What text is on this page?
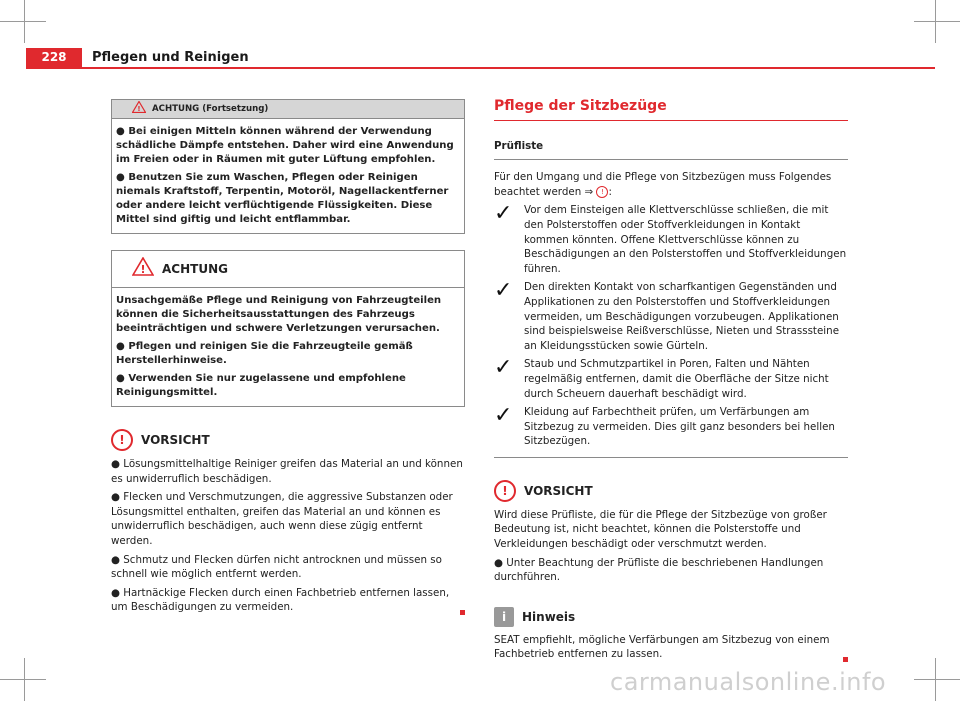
228	Pflegen und Reinigen
! ACHTUNG (Fortsetzung)

● Bei einigen Mitteln können während der Verwendung schädliche Dämpfe entstehen. Daher wird eine Anwendung im Freien oder in Räumen mit guter Lüftung empfohlen.

● Benutzen Sie zum Waschen, Pflegen oder Reinigen niemals Kraftstoff, Terpentin, Motoröl, Nagellackentferner oder andere leicht verflüchtigende Flüssigkeiten. Diese Mittel sind giftig und leicht entflammbar.

! ACHTUNG

Unsachgemäße Pflege und Reinigung von Fahrzeugteilen können die Sicherheitsausstattungen des Fahrzeugs beeinträchtigen und schwere Verletzungen verursachen.

● Pflegen und reinigen Sie die Fahrzeugteile gemäß Herstellerhinweise.

● Verwenden Sie nur zugelassene und empfohlene Reinigungsmittel.

!	VORSICHT

● Lösungsmittelhaltige Reiniger greifen das Material an und können es unwiderruflich beschädigen.

● Flecken und Verschmutzungen, die aggressive Substanzen oder Lösungsmittel enthalten, greifen das Material an und können es unwiderruflich beschädigen, auch wenn diese zügig entfernt werden.

● Schmutz und Flecken dürfen nicht antrocknen und müssen so schnell wie möglich entfernt werden.

● Hartnäckige Flecken durch einen Fachbetrieb entfernen lassen, um Beschädigungen zu vermeiden.

Pflege der Sitzbezüge
Prüfliste
Für den Umgang und die Pflege von Sitzbezügen muss Folgendes beachtet werden ⇒ ! :
✓	Vor dem Einsteigen alle Klettverschlüsse schließen, die mit den Polsterstoffen oder Stoffverkleidungen in Kontakt kommen könnten. Offene Klettverschlüsse können zu Beschädigungen an den Polsterstoffen und Stoffverkleidungen führen.
✓	Den direkten Kontakt von scharfkantigen Gegenständen und Applikationen zu den Polsterstoffen und Stoffverkleidungen vermeiden, um Beschädigungen vorzubeugen. Applikationen sind beispielsweise Reißverschlüsse, Nieten und Strasssteine an Kleidungsstücken sowie Gürteln.
✓	Staub und Schmutzpartikel in Poren, Falten und Nähten regelmäßig entfernen, damit die Oberfläche der Sitze nicht durch Scheuern dauerhaft beschädigt wird.
✓	Kleidung auf Farbechtheit prüfen, um Verfärbungen am Sitzbezug zu vermeiden. Dies gilt ganz besonders bei hellen Sitzbezügen.
!	VORSICHT

Wird diese Prüfliste, die für die Pflege der Sitzbezüge von großer Bedeutung ist, nicht beachtet, können die Polsterstoffe und Verkleidungen beschädigt oder verschmutzt werden.

● Unter Beachtung der Prüfliste die beschriebenen Handlungen durchführen.

i	Hinweis

SEAT empfiehlt, mögliche Verfärbungen am Sitzbezug von einem Fachbetrieb entfernen zu lassen.

carmanualsonline.info
